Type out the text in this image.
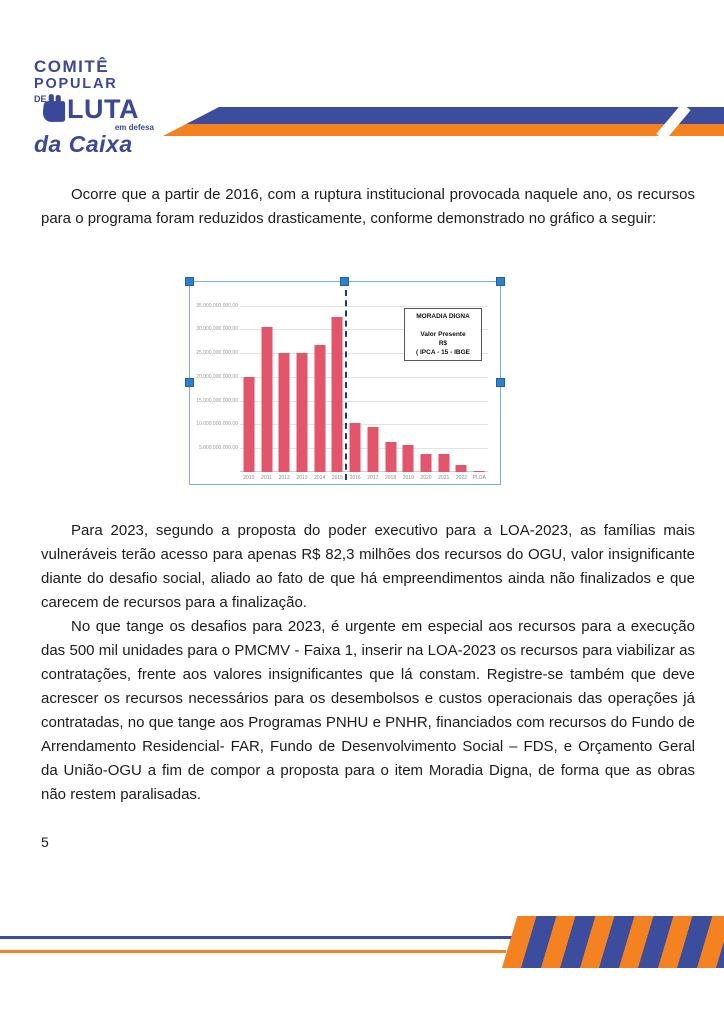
COMITÊ
POPULAR
DE LUTA
em defesa
da Caixa

Ocorre que a partir de 2016, com a ruptura institucional provocada naquele ano, os recursos para o programa foram reduzidos drasticamente, conforme demonstrado no gráfico a seguir:

5.000.000.000,00
10.000.000.000,00
15.000.000.000,00
20.000.000.000,00
25.000.000.000,00
30.000.000.000,00
35.000.000.000,00
2010 2011 2012 2013 2014 2015 2016 2017 2018 2019 2020 2021 2022 PLOA
MORADIA DIGNA
Valor Presente
R$
( IPCA - 15 - IBGE

Para 2023, segundo a proposta do poder executivo para a LOA-2023, as famílias mais vulneráveis terão acesso para apenas R$ 82,3 milhões dos recursos do OGU, valor insignificante diante do desafio social, aliado ao fato de que há empreendimentos ainda não finalizados e que carecem de recursos para a finalização.

No que tange os desafios para 2023, é urgente em especial aos recursos para a execução das 500 mil unidades para o PMCMV - Faixa 1, inserir na LOA-2023 os recursos para viabilizar as contratações, frente aos valores insignificantes que lá constam. Registre-se também que deve acrescer os recursos necessários para os desembolsos e custos operacionais das operações já contratadas, no que tange aos Programas PNHU e PNHR, financiados com recursos do Fundo de Arrendamento Residencial- FAR, Fundo de Desenvolvimento Social – FDS, e Orçamento Geral da União-OGU a fim de compor a proposta para o item Moradia Digna, de forma que as obras não restem paralisadas.

5
